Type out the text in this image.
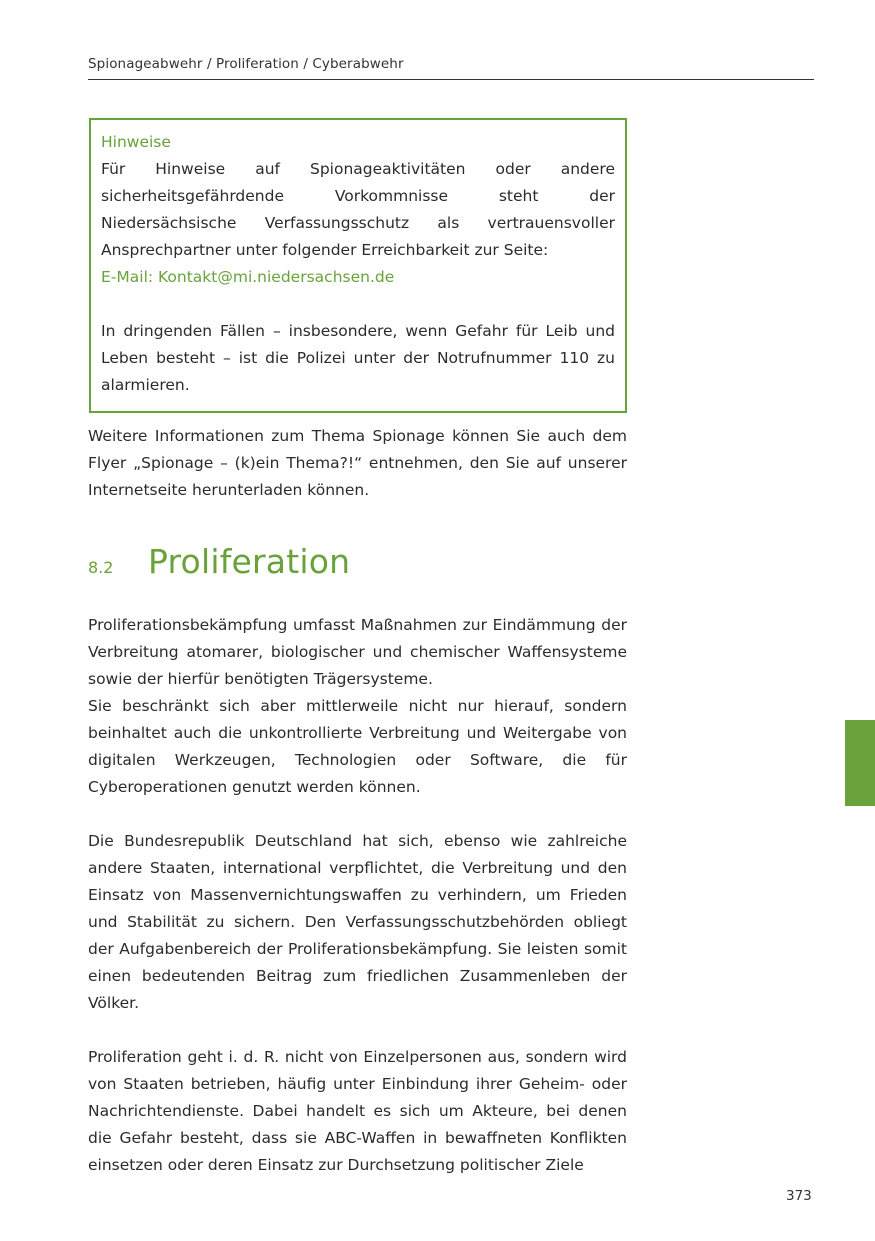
Spionageabwehr / Proliferation / Cyberabwehr

Hinweise

Für Hinweise auf Spionageaktivitäten oder andere sicherheitsgefährdende Vorkommnisse steht der Niedersächsische Verfassungsschutz als vertrauensvoller Ansprechpartner unter folgender Erreichbarkeit zur Seite:

E-Mail: Kontakt@mi.niedersachsen.de

In dringenden Fällen – insbesondere, wenn Gefahr für Leib und Leben besteht – ist die Polizei unter der Notrufnummer 110 zu alarmieren.

Weitere Informationen zum Thema Spionage können Sie auch dem Flyer „Spionage – (k)ein Thema?!“ entnehmen, den Sie auf unserer Internetseite herunterladen können.

8.2	Proliferation

Proliferationsbekämpfung umfasst Maßnahmen zur Eindämmung der Verbreitung atomarer, biologischer und chemischer Waffensysteme sowie der hierfür benötigten Trägersysteme.

Sie beschränkt sich aber mittlerweile nicht nur hierauf, sondern beinhaltet auch die unkontrollierte Verbreitung und Weitergabe von digitalen Werkzeugen, Technologien oder Software, die für Cyberoperationen genutzt werden können.

Die Bundesrepublik Deutschland hat sich, ebenso wie zahlreiche andere Staaten, international verpflichtet, die Verbreitung und den Einsatz von Massenvernichtungswaffen zu verhindern, um Frieden und Stabilität zu sichern. Den Verfassungsschutzbehörden obliegt der Aufgabenbereich der Proliferationsbekämpfung. Sie leisten somit einen bedeutenden Beitrag zum friedlichen Zusammenleben der Völker.

Proliferation geht i. d. R. nicht von Einzelpersonen aus, sondern wird von Staaten betrieben, häufig unter Einbindung ihrer Geheim- oder Nachrichtendienste. Dabei handelt es sich um Akteure, bei denen die Gefahr besteht, dass sie ABC-Waffen in bewaffneten Konflikten einsetzen oder deren Einsatz zur Durchsetzung politischer Ziele

373
